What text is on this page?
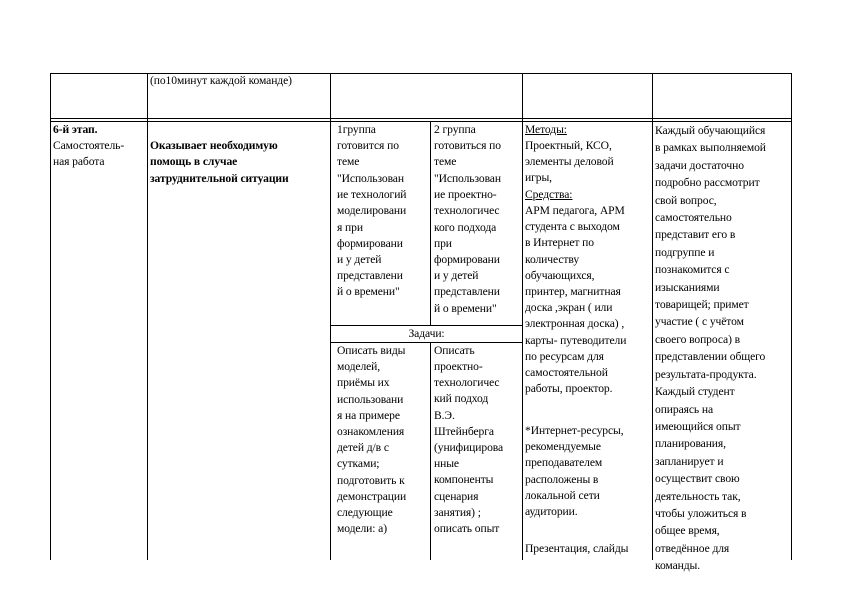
(по10минут каждой команде)
6-й этап.
Самостоятель-
ная работа

Оказывает необходимую
помощь в случае
затруднительной ситуации

1группа
готовится по
теме
"Использован
ие технологий
моделировани
я при
формировани
и у детей
представлени
й о времени"
2 группа
готовиться по
теме
"Использован
ие проектно-
технологичес
кого подхода
при
формировани
и у детей
представлени
й о времени"
Задачи:
Описать виды
моделей,
приёмы их
использовани
я на примере
ознакомления
детей д/в с
сутками;
подготовить к
демонстрации
следующие
модели: а)
Описать
проектно-
технологичес
кий подход
В.Э.
Штейнберга
(унифицирова
нные
компоненты
сценария
занятия) ;
описать опыт
Методы:
Проектный, КСО,
элементы деловой
игры,
Средства:
АРМ педагога, АРМ
студента с выходом
в Интернет по
количеству
обучающихся,
принтер, магнитная
доска ,экран ( или
электронная доска) ,
карты- путеводители
по ресурсам для
самостоятельной
работы, проектор.
*Интернет-ресурсы,
рекомендуемые
преподавателем
расположены в
локальной сети
аудитории.
Презентация, слайды
Каждый обучающийся
в рамках выполняемой
задачи достаточно
подробно рассмотрит
свой вопрос,
самостоятельно
представит его в
подгруппе и
познакомится с
изысканиями
товарищей; примет
участие ( с учётом
своего вопроса) в
представлении общего
результата-продукта.
Каждый студент
опираясь на
имеющийся опыт
планирования,
запланирует и
осуществит свою
деятельность так,
чтобы уложиться в
общее время,
отведённое для
команды.
